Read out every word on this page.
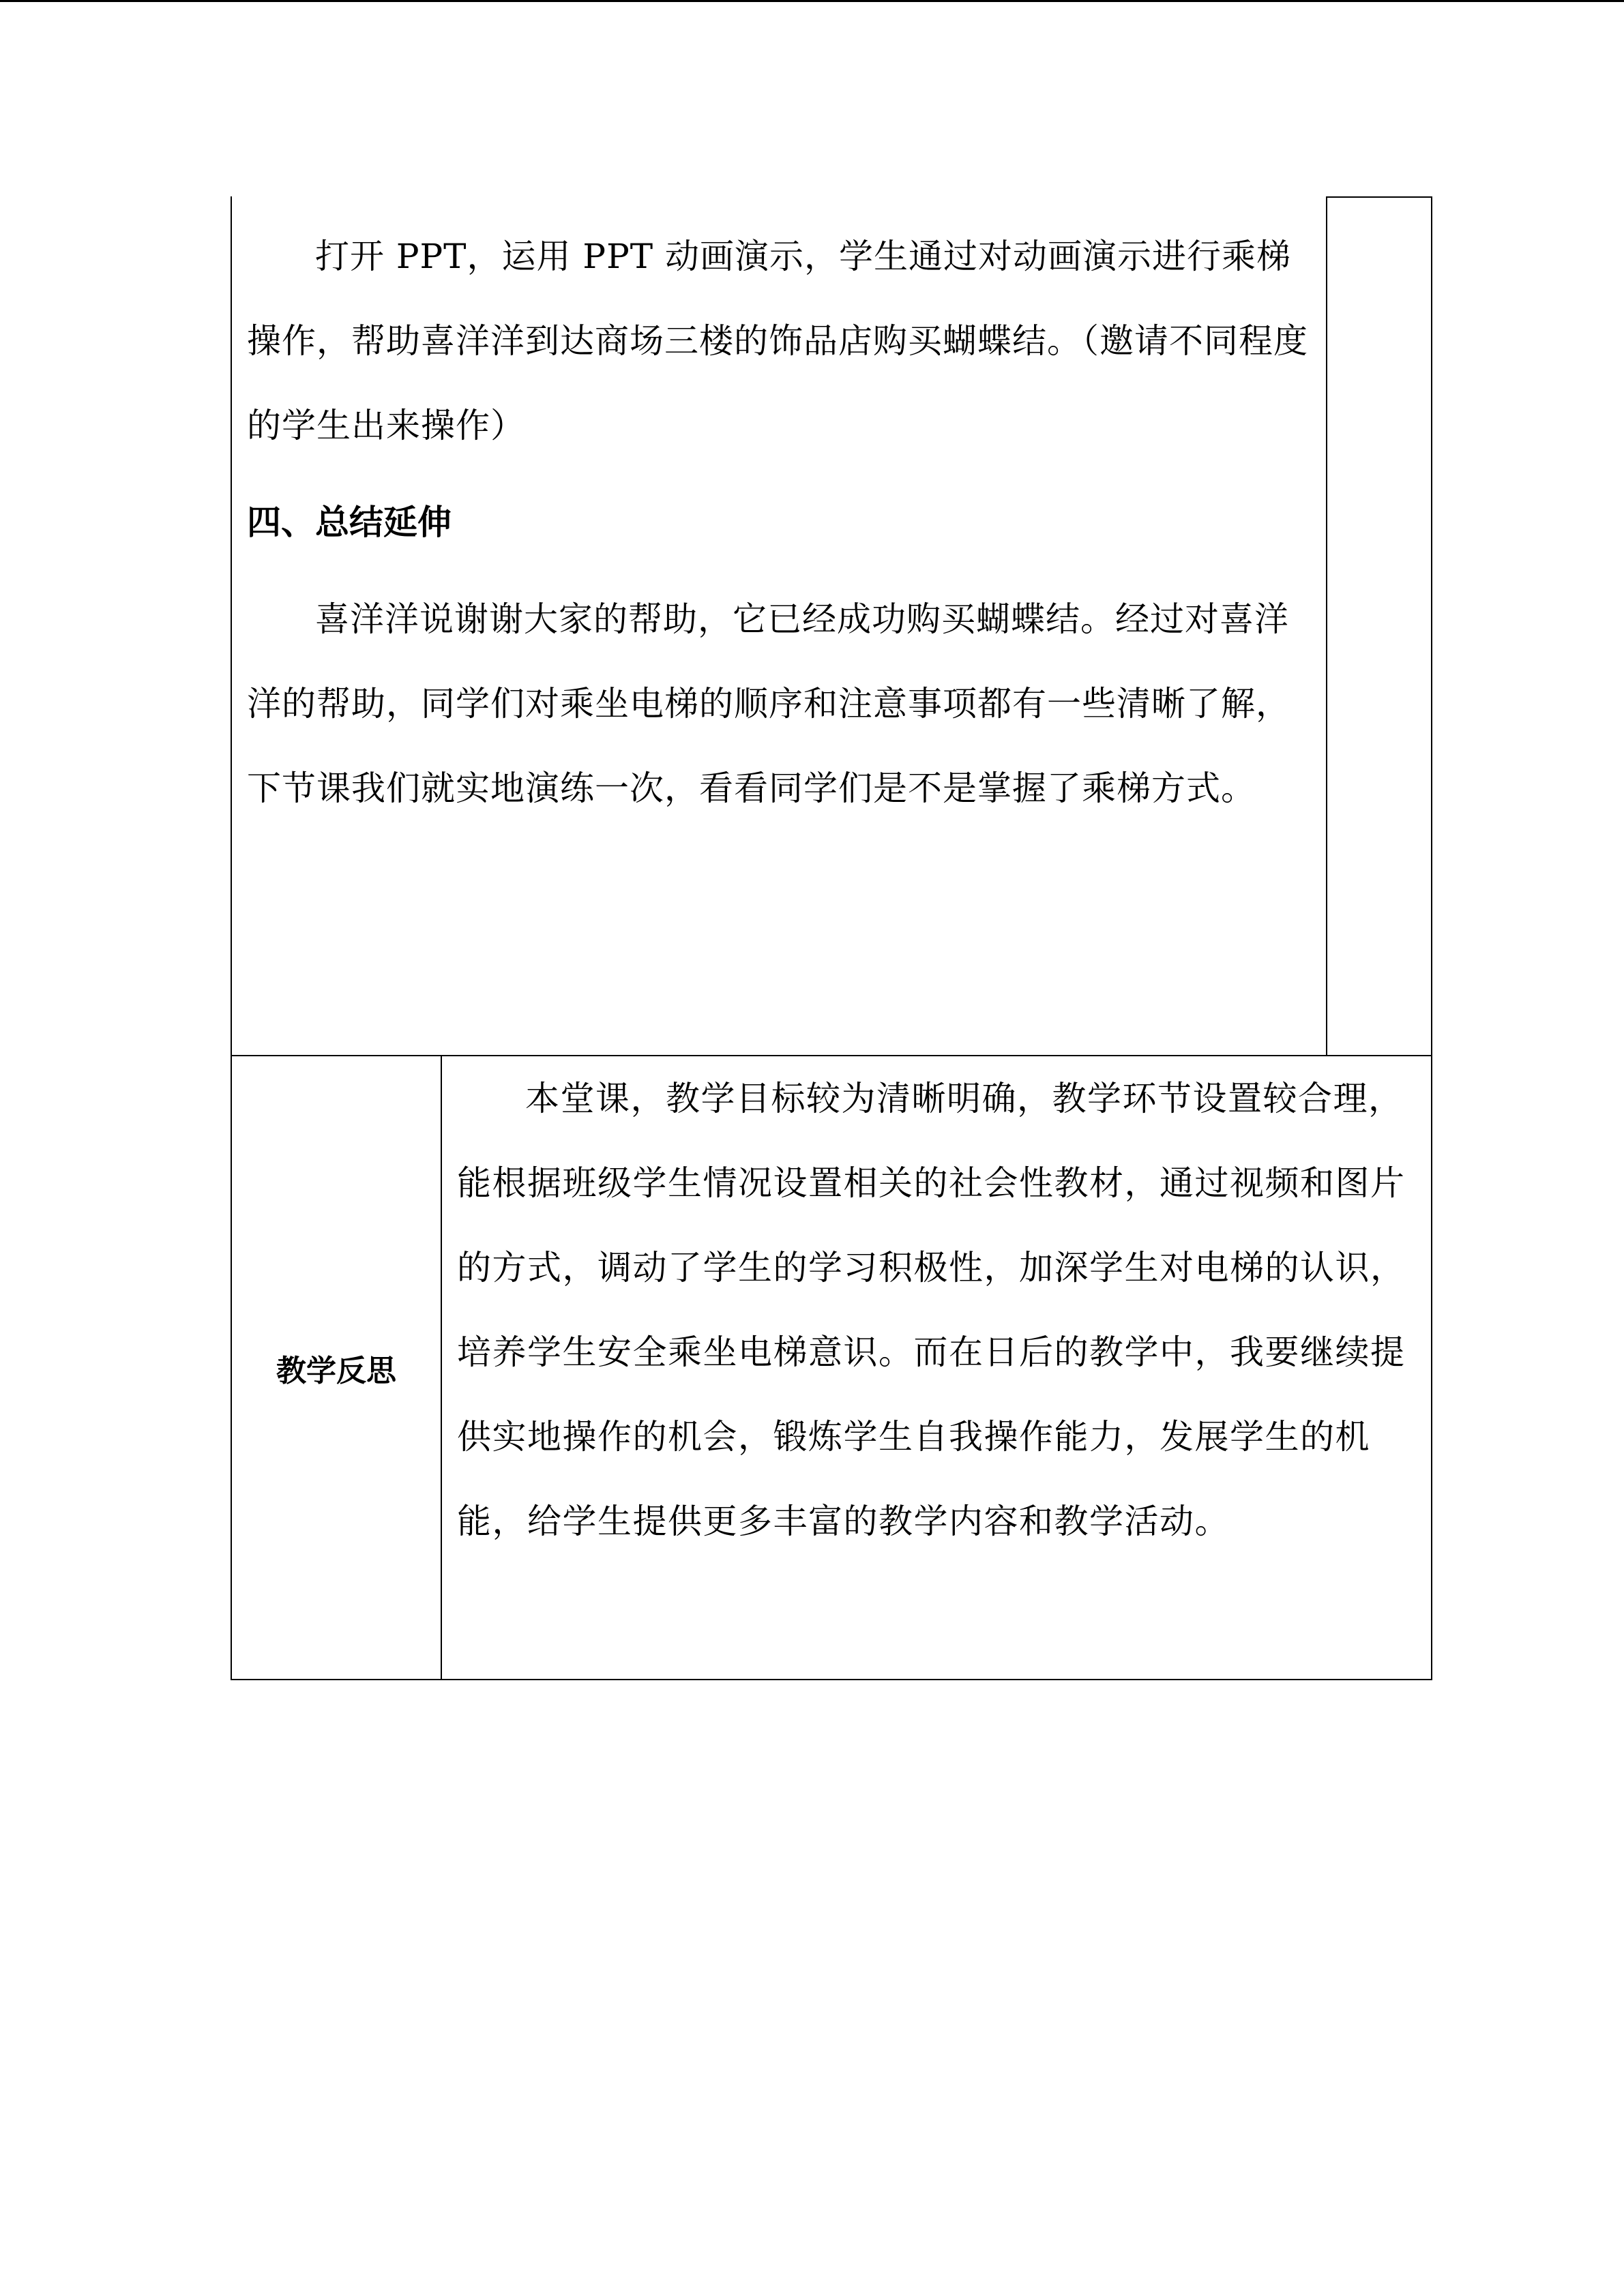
打开 PPT，运用 PPT 动画演示，学生通过对动画演示进行乘梯操作，帮助喜洋洋到达商场三楼的饰品店购买蝴蝶结。（邀请不同程度的学生出来操作）

四、总结延伸

喜洋洋说谢谢大家的帮助，它已经成功购买蝴蝶结。经过对喜洋洋的帮助，同学们对乘坐电梯的顺序和注意事项都有一些清晰了解，下节课我们就实地演练一次，看看同学们是不是掌握了乘梯方式。

教学反思

本堂课，教学目标较为清晰明确，教学环节设置较合理，能根据班级学生情况设置相关的社会性教材，通过视频和图片的方式，调动了学生的学习积极性，加深学生对电梯的认识，培养学生安全乘坐电梯意识。而在日后的教学中，我要继续提供实地操作的机会，锻炼学生自我操作能力，发展学生的机能，给学生提供更多丰富的教学内容和教学活动。
